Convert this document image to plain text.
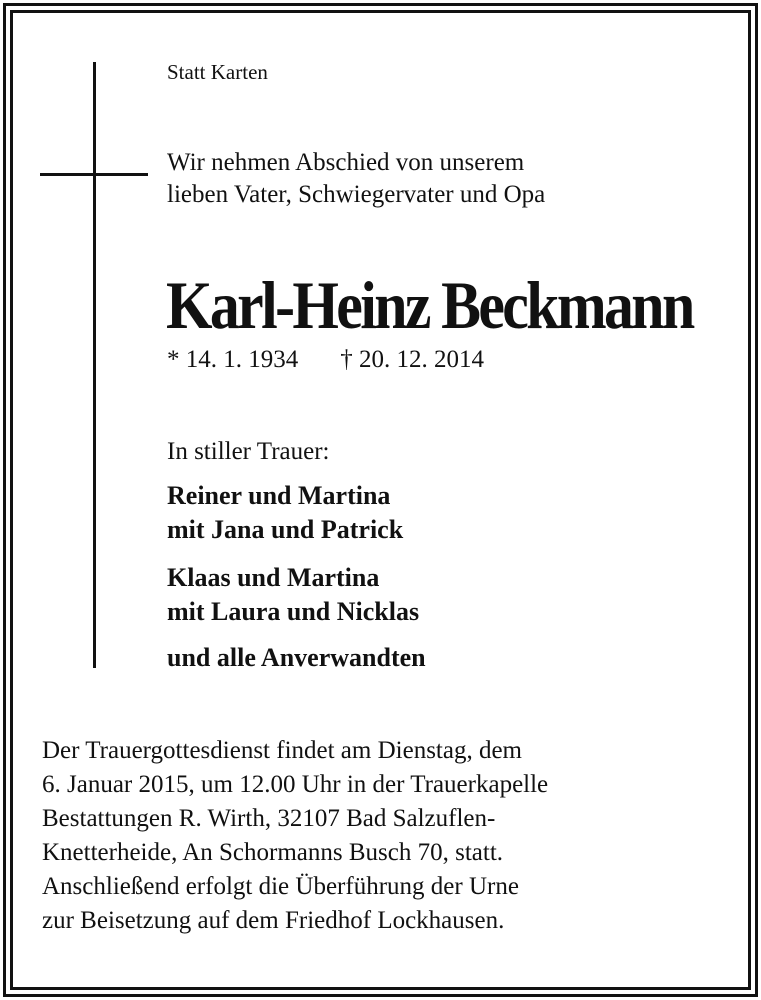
Statt Karten
Wir nehmen Abschied von unserem
lieben Vater, Schwiegervater und Opa
Karl-Heinz Beckmann
* 14. 1. 1934 † 20. 12. 2014
In stiller Trauer:
Reiner und Martina
mit Jana und Patrick
Klaas und Martina
mit Laura und Nicklas
und alle Anverwandten
Der Trauergottesdienst findet am Dienstag, dem
6. Januar 2015, um 12.00 Uhr in der Trauerkapelle
Bestattungen R. Wirth, 32107 Bad Salzuflen-
Knetterheide, An Schormanns Busch 70, statt.
Anschließend erfolgt die Überführung der Urne
zur Beisetzung auf dem Friedhof Lockhausen.
